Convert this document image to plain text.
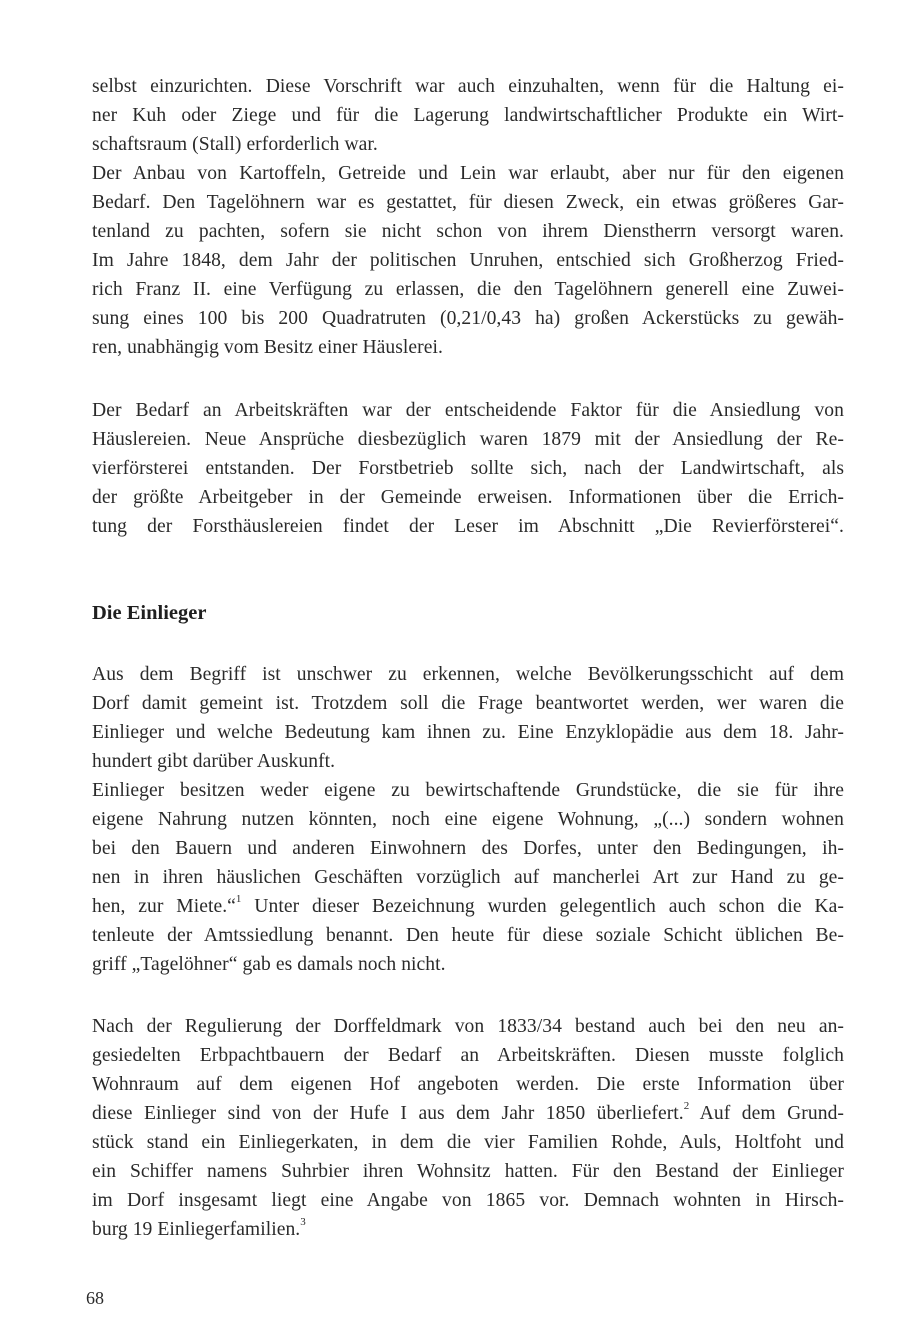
selbst einzurichten. Diese Vorschrift war auch einzuhalten, wenn für die Haltung ei-
ner Kuh oder Ziege und für die Lagerung landwirtschaftlicher Produkte ein Wirt-
schaftsraum (Stall) erforderlich war.
Der Anbau von Kartoffeln, Getreide und Lein war erlaubt, aber nur für den eigenen
Bedarf. Den Tagelöhnern war es gestattet, für diesen Zweck, ein etwas größeres Gar-
tenland zu pachten, sofern sie nicht schon von ihrem Dienstherrn versorgt waren.
Im Jahre 1848, dem Jahr der politischen Unruhen, entschied sich Großherzog Fried-
rich Franz II. eine Verfügung zu erlassen, die den Tagelöhnern generell eine Zuwei-
sung eines 100 bis 200 Quadratruten (0,21/0,43 ha) großen Ackerstücks zu gewäh-
ren, unabhängig vom Besitz einer Häuslerei.
Der Bedarf an Arbeitskräften war der entscheidende Faktor für die Ansiedlung von
Häuslereien. Neue Ansprüche diesbezüglich waren 1879 mit der Ansiedlung der Re-
vierförsterei entstanden. Der Forstbetrieb sollte sich, nach der Landwirtschaft, als
der größte Arbeitgeber in der Gemeinde erweisen. Informationen über die Errich-
tung der Forsthäuslereien findet der Leser im Abschnitt „Die Revierförsterei“.
Die Einlieger
Aus dem Begriff ist unschwer zu erkennen, welche Bevölkerungsschicht auf dem
Dorf damit gemeint ist. Trotzdem soll die Frage beantwortet werden, wer waren die
Einlieger und welche Bedeutung kam ihnen zu. Eine Enzyklopädie aus dem 18. Jahr-
hundert gibt darüber Auskunft.
Einlieger besitzen weder eigene zu bewirtschaftende Grundstücke, die sie für ihre
eigene Nahrung nutzen könnten, noch eine eigene Wohnung, „(...) sondern wohnen
bei den Bauern und anderen Einwohnern des Dorfes, unter den Bedingungen, ih-
nen in ihren häuslichen Geschäften vorzüglich auf mancherlei Art zur Hand zu ge-
hen, zur Miete.“$^1$ Unter dieser Bezeichnung wurden gelegentlich auch schon die Ka-
tenleute der Amtssiedlung benannt. Den heute für diese soziale Schicht üblichen Be-
griff „Tagelöhner“ gab es damals noch nicht.
Nach der Regulierung der Dorffeldmark von 1833/34 bestand auch bei den neu an-
gesiedelten Erbpachtbauern der Bedarf an Arbeitskräften. Diesen musste folglich
Wohnraum auf dem eigenen Hof angeboten werden. Die erste Information über
diese Einlieger sind von der Hufe I aus dem Jahr 1850 überliefert.$^2$ Auf dem Grund-
stück stand ein Einliegerkaten, in dem die vier Familien Rohde, Auls, Holtfoht und
ein Schiffer namens Suhrbier ihren Wohnsitz hatten. Für den Bestand der Einlieger
im Dorf insgesamt liegt eine Angabe von 1865 vor. Demnach wohnten in Hirsch-
burg 19 Einliegerfamilien.$^3$
68
